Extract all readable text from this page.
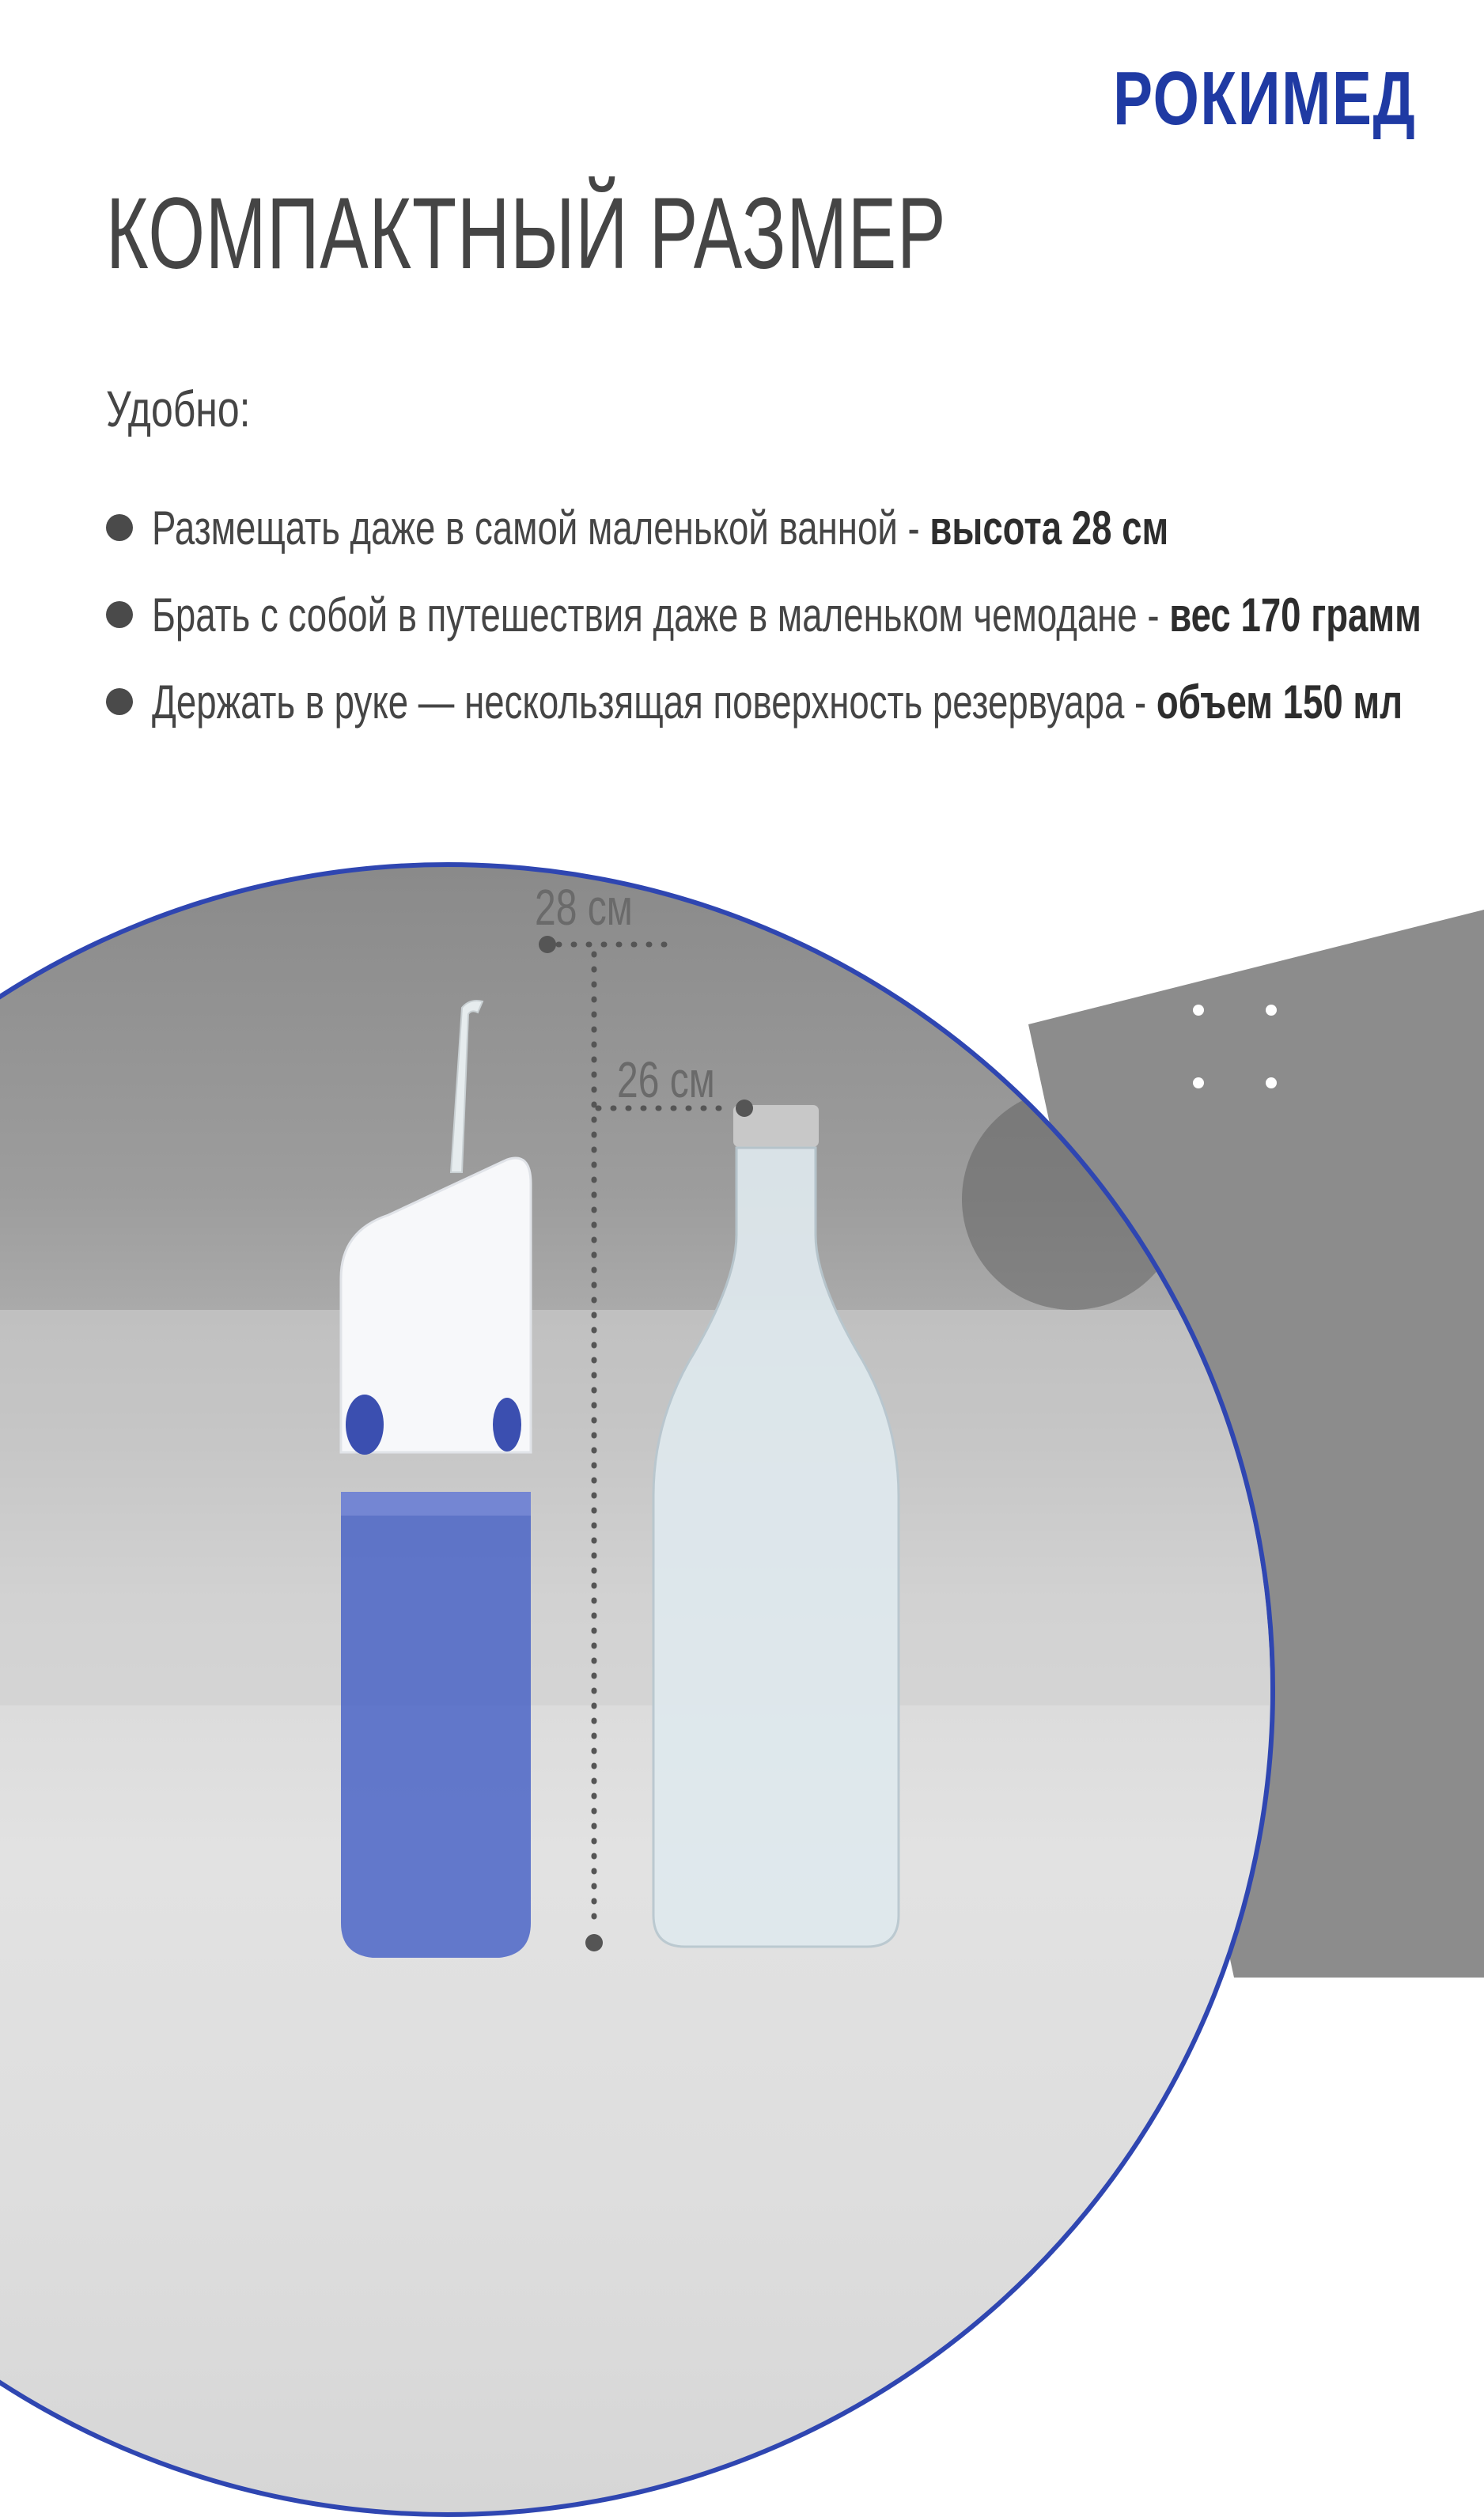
РОКИМЕД
КОМПАКТНЫЙ РАЗМЕР
Удобно:
Размещать даже в самой маленькой ванной - высота 28 см
Брать с собой в путешествия даже в маленьком чемодане - вес 170 грамм
Держать в руке — нескользящая поверхность резервуара - объем 150 мл
28 см
26 см
